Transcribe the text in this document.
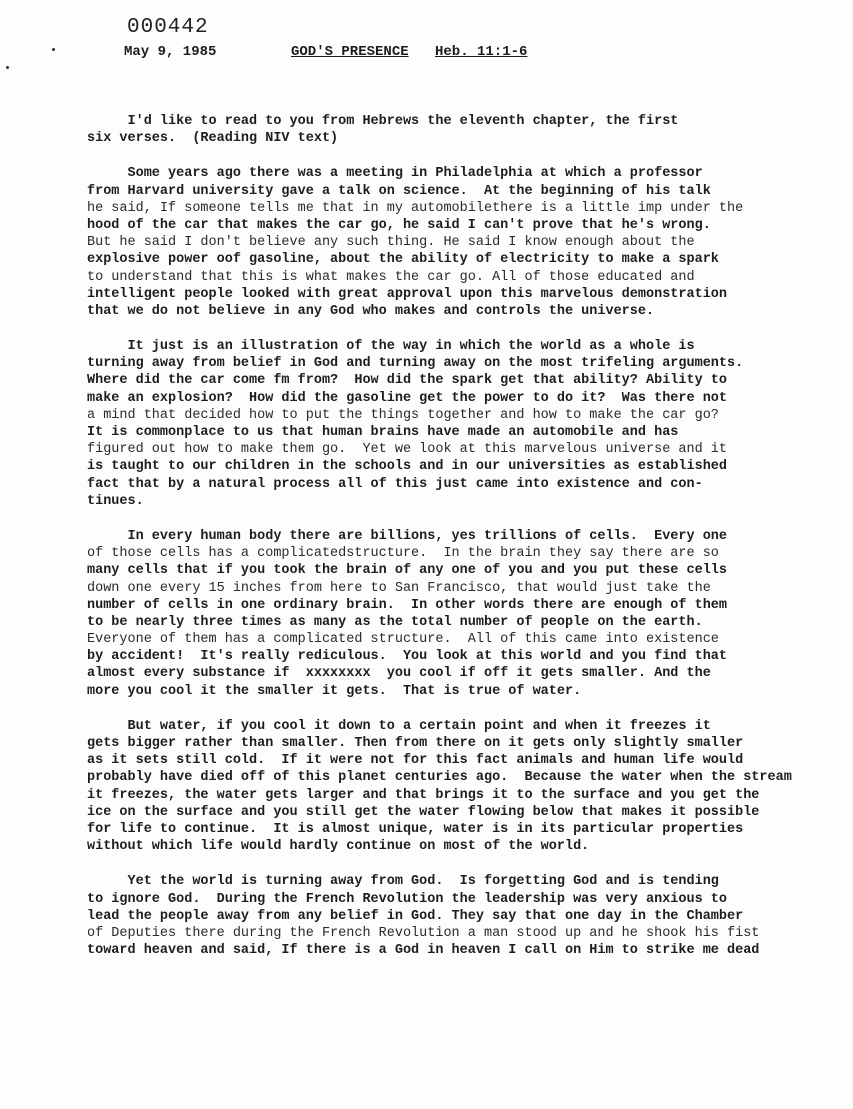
000442
May 9, 1985	GOD'S PRESENCE Heb. 11:1-6
I'd like to read to you from Hebrews the eleventh chapter, the first
six verses.  (Reading NIV text)
Some years ago there was a meeting in Philadelphia at which a professor
from Harvard university gave a talk on science.  At the beginning of his talk
he said, If someone tells me that in my automobilethere is a little imp under the
hood of the car that makes the car go, he said I can't prove that he's wrong.
But he said I don't believe any such thing. He said I know enough about the
explosive power oof gasoline, about the ability of electricity to make a spark
to understand that this is what makes the car go. All of those educated and
intelligent people looked with great approval upon this marvelous demonstration
that we do not believe in any God who makes and controls the universe.
It just is an illustration of the way in which the world as a whole is
turning away from belief in God and turning away on the most trifeling arguments.
Where did the car come fm from?  How did the spark get that ability? Ability to
make an explosion?  How did the gasoline get the power to do it?  Was there not
a mind that decided how to put the things together and how to make the car go?
It is commonplace to us that human brains have made an automobile and has
figured out how to make them go.  Yet we look at this marvelous universe and it
is taught to our children in the schools and in our universities as established
fact that by a natural process all of this just came into existence and con-
tinues.
In every human body there are billions, yes trillions of cells.  Every one
of those cells has a complicatedstructure.  In the brain they say there are so
many cells that if you took the brain of any one of you and you put these cells
down one every 15 inches from here to San Francisco, that would just take the
number of cells in one ordinary brain.  In other words there are enough of them
to be nearly three times as many as the total number of people on the earth.
Everyone of them has a complicated structure.  All of this came into existence
by accident!  It's really rediculous.  You look at this world and you find that
almost every substance if  xxxxxxxx  you cool if off it gets smaller. And the
more you cool it the smaller it gets.  That is true of water.
But water, if you cool it down to a certain point and when it freezes it
gets bigger rather than smaller. Then from there on it gets only slightly smaller
as it sets still cold.  If it were not for this fact animals and human life would
probably have died off of this planet centuries ago.  Because the water when the stream
it freezes, the water gets larger and that brings it to the surface and you get the
ice on the surface and you still get the water flowing below that makes it possible
for life to continue.  It is almost unique, water is in its particular properties
without which life would hardly continue on most of the world.
Yet the world is turning away from God.  Is forgetting God and is tending
to ignore God.  During the French Revolution the leadership was very anxious to
lead the people away from any belief in God. They say that one day in the Chamber
of Deputies there during the French Revolution a man stood up and he shook his fist
toward heaven and said, If there is a God in heaven I call on Him to strike me dead
